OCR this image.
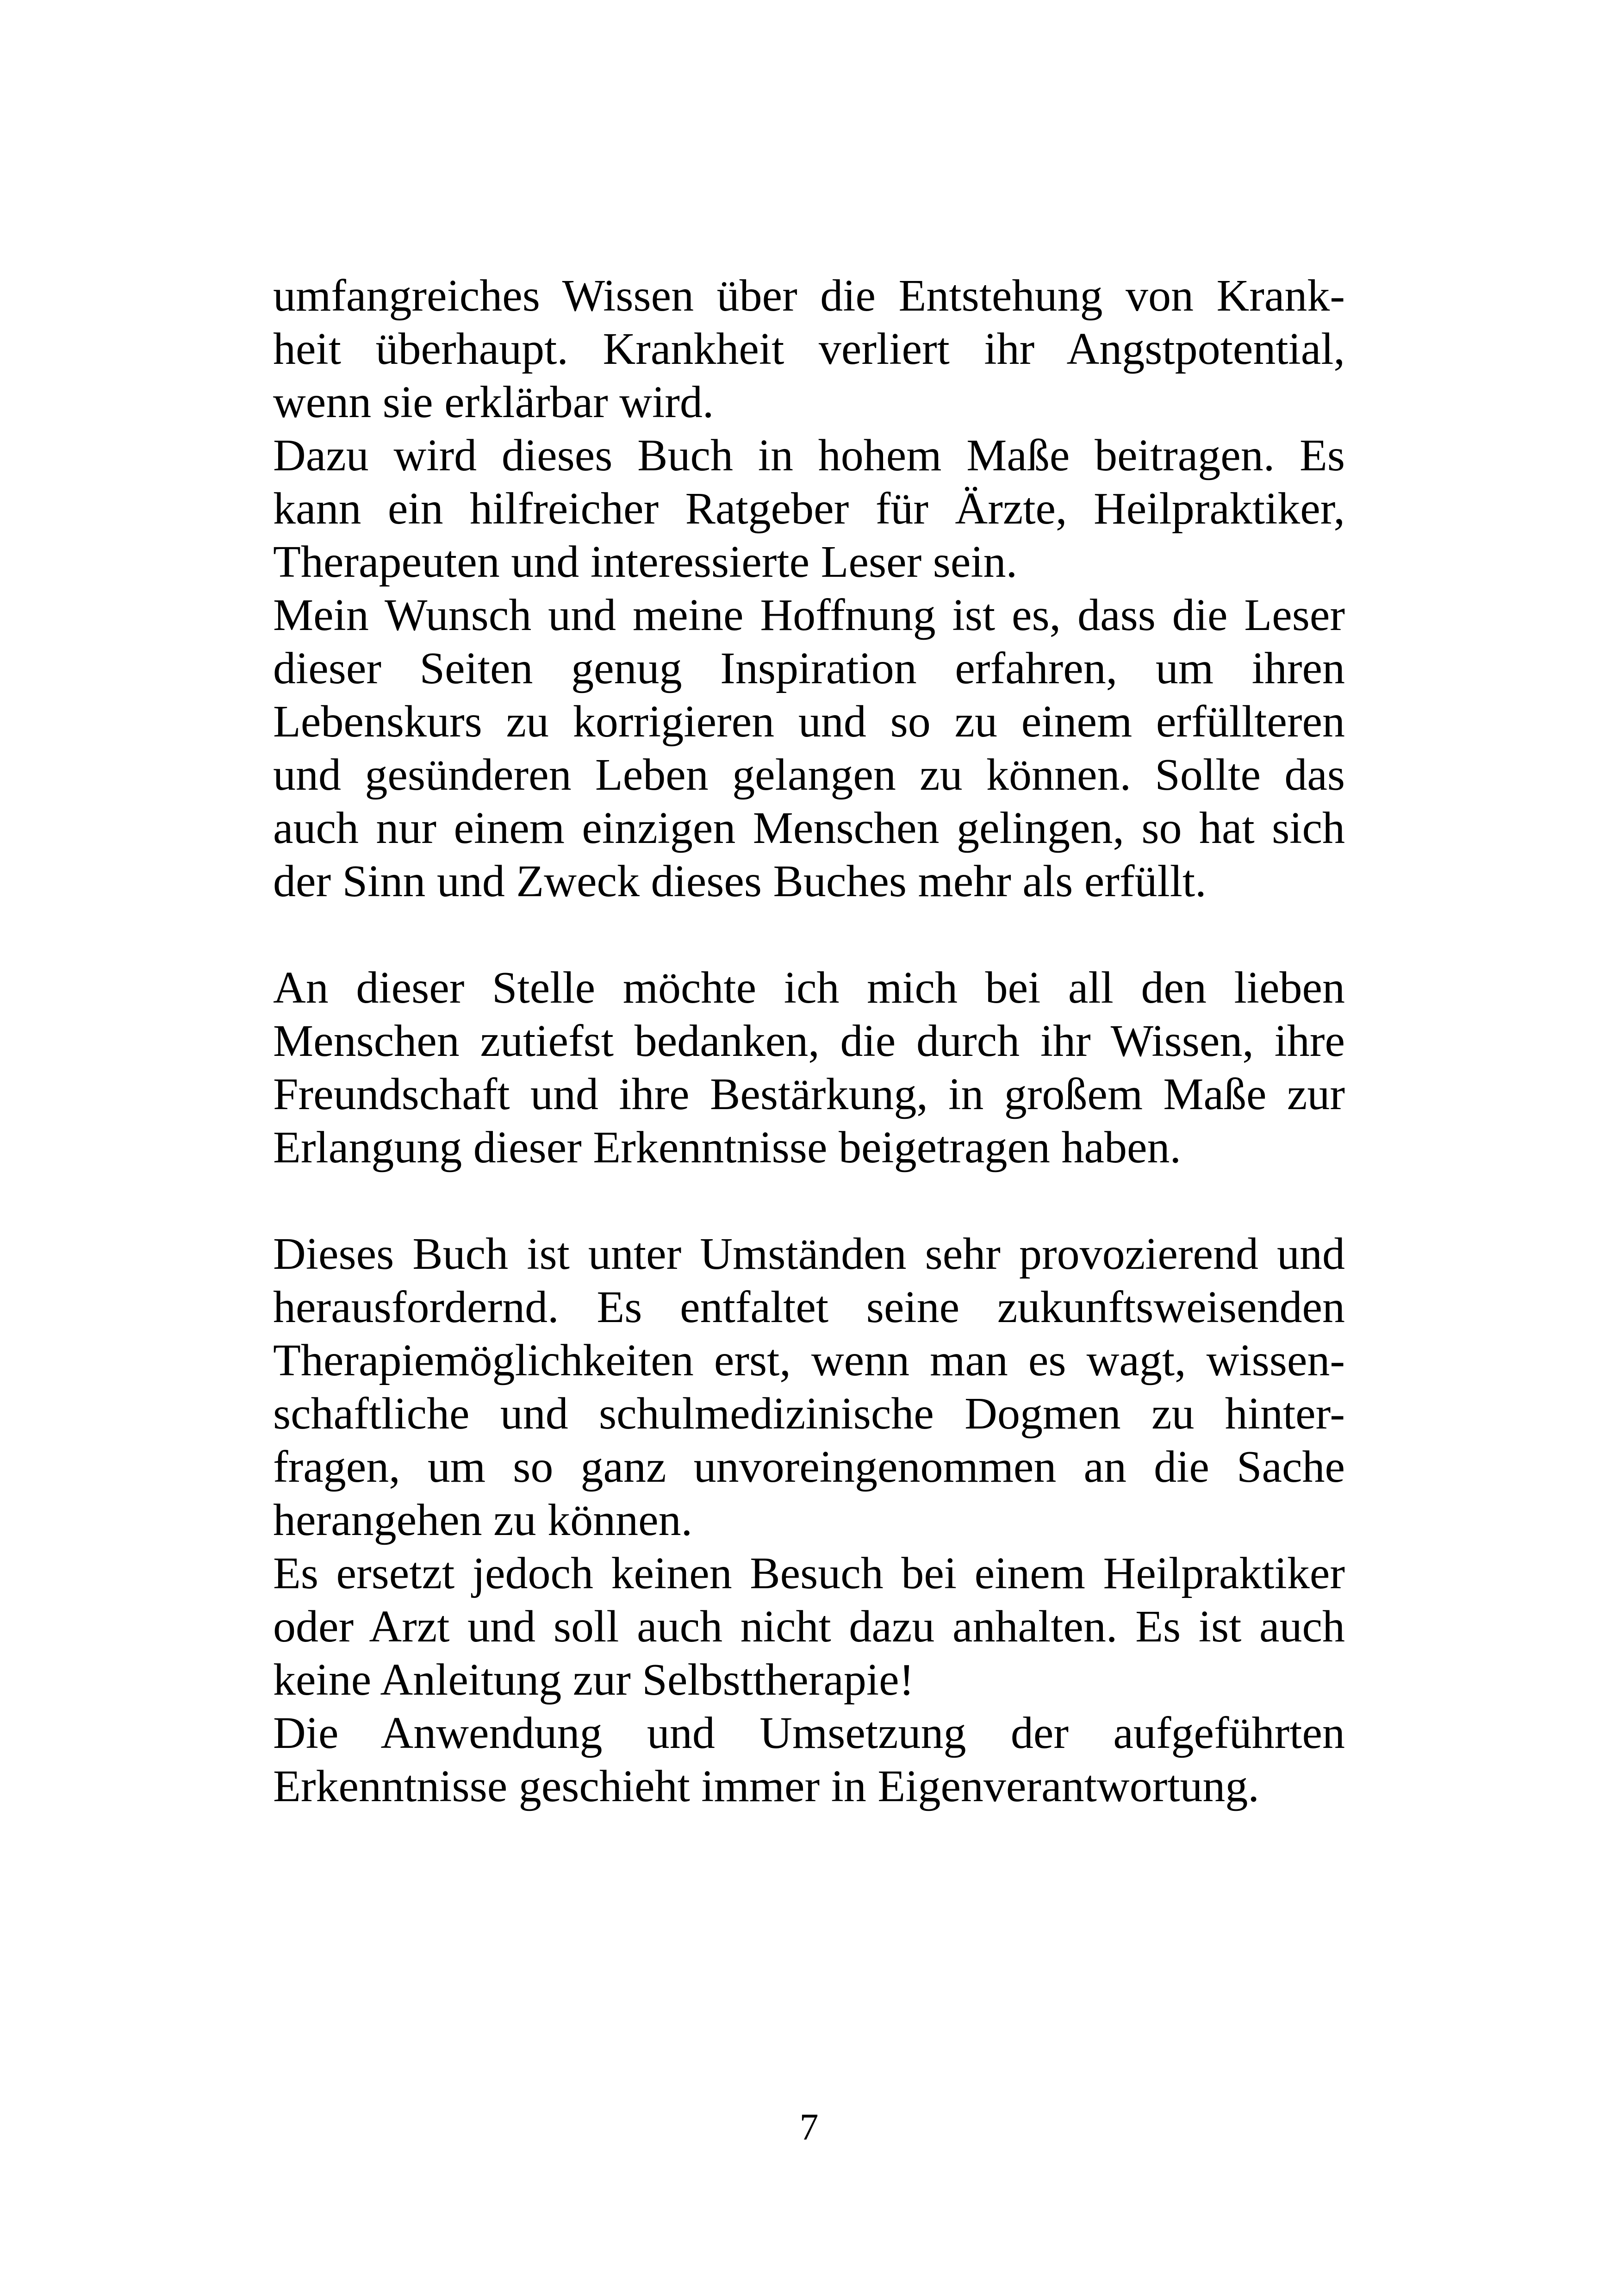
umfangreiches Wissen über die Entstehung von Krank-
heit überhaupt. Krankheit verliert ihr Angstpotential,
wenn sie erklärbar wird.
Dazu wird dieses Buch in hohem Maße beitragen. Es
kann ein hilfreicher Ratgeber für Ärzte, Heilpraktiker,
Therapeuten und interessierte Leser sein.
Mein Wunsch und meine Hoffnung ist es, dass die Leser
dieser Seiten genug Inspiration erfahren, um ihren
Lebenskurs zu korrigieren und so zu einem erfüllteren
und gesünderen Leben gelangen zu können. Sollte das
auch nur einem einzigen Menschen gelingen, so hat sich
der Sinn und Zweck dieses Buches mehr als erfüllt.
An dieser Stelle möchte ich mich bei all den lieben
Menschen zutiefst bedanken, die durch ihr Wissen, ihre
Freundschaft und ihre Bestärkung, in großem Maße zur
Erlangung dieser Erkenntnisse beigetragen haben.
Dieses Buch ist unter Umständen sehr provozierend und
herausfordernd. Es entfaltet seine zukunftsweisenden
Therapiemöglichkeiten erst, wenn man es wagt, wissen-
schaftliche und schulmedizinische Dogmen zu hinter-
fragen, um so ganz unvoreingenommen an die Sache
herangehen zu können.
Es ersetzt jedoch keinen Besuch bei einem Heilpraktiker
oder Arzt und soll auch nicht dazu anhalten. Es ist auch
keine Anleitung zur Selbsttherapie!
Die Anwendung und Umsetzung der aufgeführten
Erkenntnisse geschieht immer in Eigenverantwortung.
7
